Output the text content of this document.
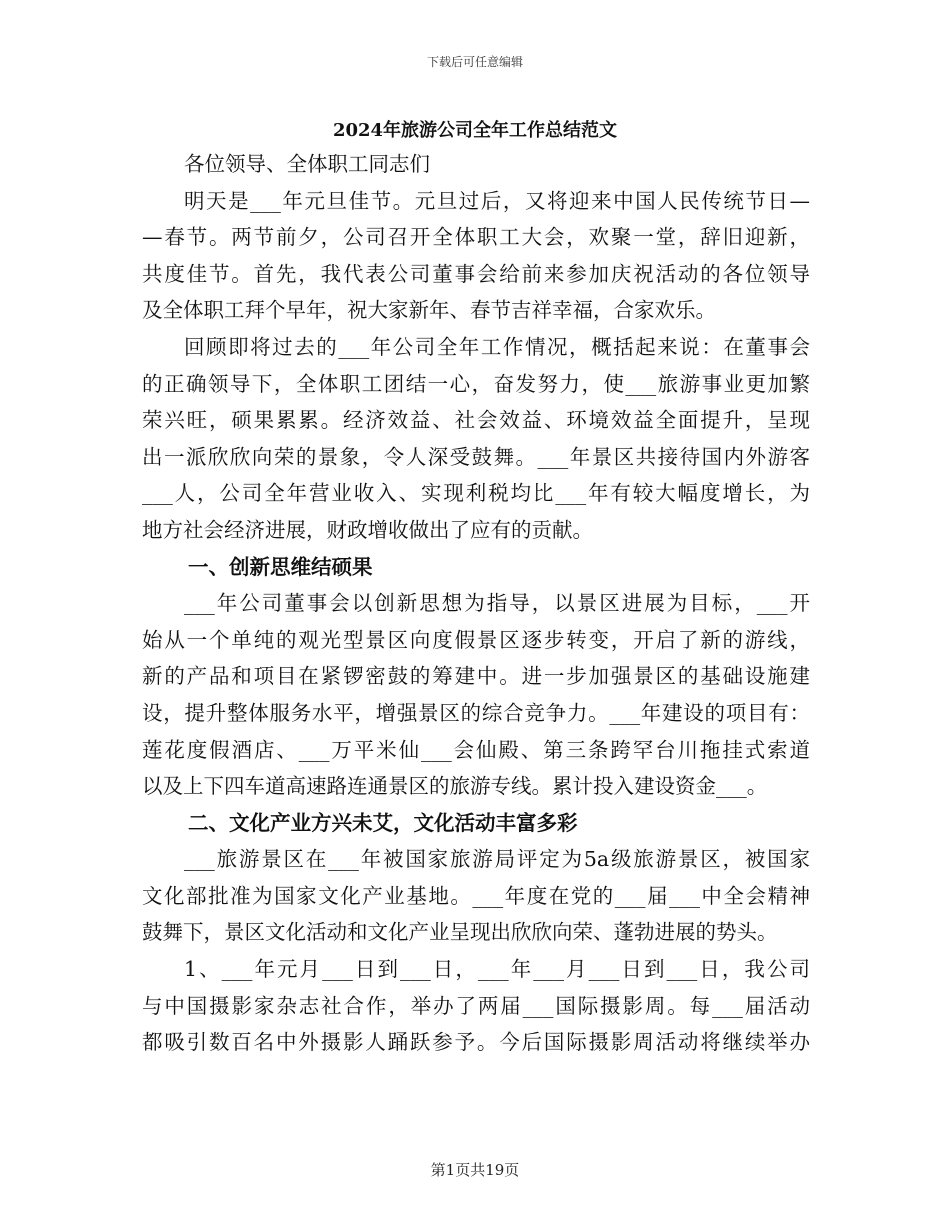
下载后可任意编辑
2024年旅游公司全年工作总结范文
各位领导、全体职工同志们
明天是___年元旦佳节。元旦过后，又将迎来中国人民传统节日—
—春节。两节前夕，公司召开全体职工大会，欢聚一堂，辞旧迎新，
共度佳节。首先，我代表公司董事会给前来参加庆祝活动的各位领导
及全体职工拜个早年，祝大家新年、春节吉祥幸福，合家欢乐。
回顾即将过去的___年公司全年工作情况，概括起来说：在董事会
的正确领导下，全体职工团结一心，奋发努力，使___旅游事业更加繁
荣兴旺，硕果累累。经济效益、社会效益、环境效益全面提升，呈现
出一派欣欣向荣的景象，令人深受鼓舞。___年景区共接待国内外游客
___人，公司全年营业收入、实现利税均比___年有较大幅度增长，为
地方社会经济进展，财政增收做出了应有的贡献。
一、创新思维结硕果
___年公司董事会以创新思想为指导，以景区进展为目标，___开
始从一个单纯的观光型景区向度假景区逐步转变，开启了新的游线，
新的产品和项目在紧锣密鼓的筹建中。进一步加强景区的基础设施建
设，提升整体服务水平，增强景区的综合竞争力。___年建设的项目有：
莲花度假酒店、___万平米仙___会仙殿、第三条跨罕台川拖挂式索道
以及上下四车道高速路连通景区的旅游专线。累计投入建设资金___。
二、文化产业方兴未艾，文化活动丰富多彩
___旅游景区在___年被国家旅游局评定为5a级旅游景区，被国家
文化部批准为国家文化产业基地。___年度在党的___届___中全会精神
鼓舞下，景区文化活动和文化产业呈现出欣欣向荣、蓬勃进展的势头。
1、___年元月___日到___日，___年___月___日到___日，我公司
与中国摄影家杂志社合作，举办了两届___国际摄影周。每___届活动
都吸引数百名中外摄影人踊跃参予。今后国际摄影周活动将继续举办
第1页共19页
